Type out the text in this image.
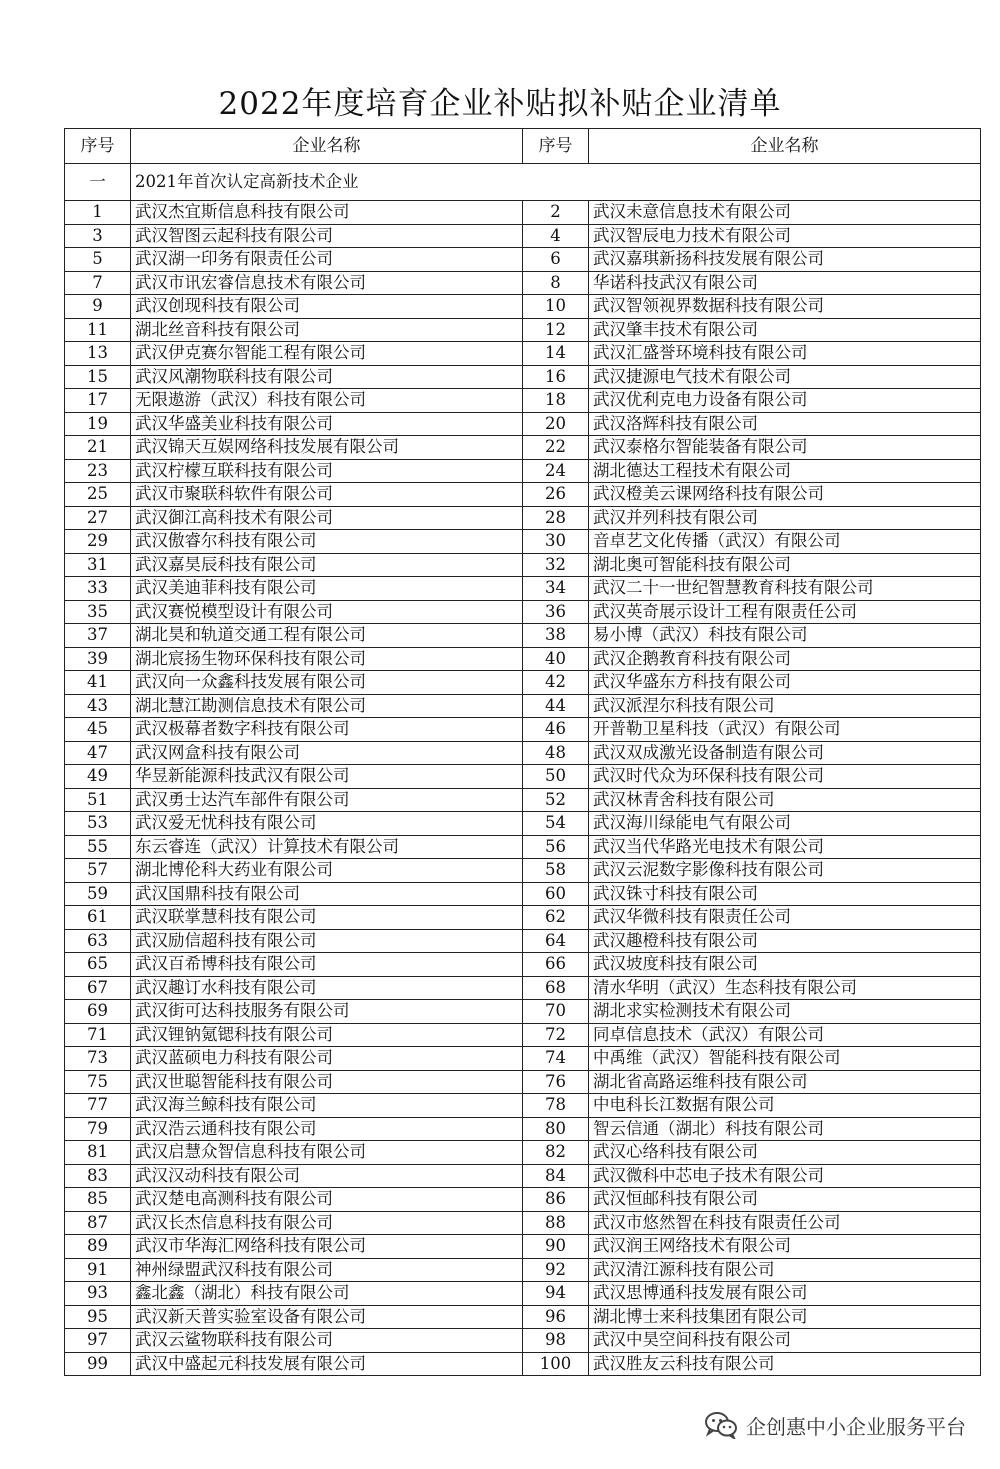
2022年度培育企业补贴拟补贴企业清单
序号	企业名称	序号	企业名称
一	2021年首次认定高新技术企业		
1	武汉杰宜斯信息科技有限公司	2	武汉未意信息技术有限公司
3	武汉智图云起科技有限公司	4	武汉智辰电力技术有限公司
5	武汉湖一印务有限责任公司	6	武汉嘉琪新扬科技发展有限公司
7	武汉市讯宏睿信息技术有限公司	8	华诺科技武汉有限公司
9	武汉创现科技有限公司	10	武汉智领视界数据科技有限公司
11	湖北丝音科技有限公司	12	武汉肇丰技术有限公司
13	武汉伊克赛尔智能工程有限公司	14	武汉汇盛誉环境科技有限公司
15	武汉风潮物联科技有限公司	16	武汉捷源电气技术有限公司
17	无限遨游（武汉）科技有限公司	18	武汉优利克电力设备有限公司
19	武汉华盛美业科技有限公司	20	武汉洛辉科技有限公司
21	武汉锦天互娱网络科技发展有限公司	22	武汉泰格尔智能装备有限公司
23	武汉柠檬互联科技有限公司	24	湖北德达工程技术有限公司
25	武汉市聚联科软件有限公司	26	武汉橙美云课网络科技有限公司
27	武汉御江高科技术有限公司	28	武汉并列科技有限公司
29	武汉傲睿尔科技有限公司	30	音卓艺文化传播（武汉）有限公司
31	武汉嘉昊辰科技有限公司	32	湖北奥可智能科技有限公司
33	武汉美迪菲科技有限公司	34	武汉二十一世纪智慧教育科技有限公司
35	武汉赛悦模型设计有限公司	36	武汉英奇展示设计工程有限责任公司
37	湖北昊和轨道交通工程有限公司	38	易小博（武汉）科技有限公司
39	湖北宸扬生物环保科技有限公司	40	武汉企鹅教育科技有限公司
41	武汉向一众鑫科技发展有限公司	42	武汉华盛东方科技有限公司
43	湖北慧江勘测信息技术有限公司	44	武汉派涅尔科技有限公司
45	武汉极幕者数字科技有限公司	46	开普勒卫星科技（武汉）有限公司
47	武汉网盒科技有限公司	48	武汉双成激光设备制造有限公司
49	华昱新能源科技武汉有限公司	50	武汉时代众为环保科技有限公司
51	武汉勇士达汽车部件有限公司	52	武汉林青舍科技有限公司
53	武汉爱无忧科技有限公司	54	武汉海川绿能电气有限公司
55	东云睿连（武汉）计算技术有限公司	56	武汉当代华路光电技术有限公司
57	湖北博伦科大药业有限公司	58	武汉云泥数字影像科技有限公司
59	武汉国鼎科技有限公司	60	武汉铢寸科技有限公司
61	武汉联掌慧科技有限公司	62	武汉华微科技有限责任公司
63	武汉励信超科技有限公司	64	武汉趣橙科技有限公司
65	武汉百希博科技有限公司	66	武汉坡度科技有限公司
67	武汉趣订水科技有限公司	68	清水华明（武汉）生态科技有限公司
69	武汉街可达科技服务有限公司	70	湖北求实检测技术有限公司
71	武汉锂钠氪锶科技有限公司	72	同卓信息技术（武汉）有限公司
73	武汉蓝硕电力科技有限公司	74	中禹维（武汉）智能科技有限公司
75	武汉世聪智能科技有限公司	76	湖北省高路运维科技有限公司
77	武汉海兰鲸科技有限公司	78	中电科长江数据有限公司
79	武汉浩云通科技有限公司	80	智云信通（湖北）科技有限公司
81	武汉启慧众智信息科技有限公司	82	武汉心络科技有限公司
83	武汉汉动科技有限公司	84	武汉微科中芯电子技术有限公司
85	武汉楚电高测科技有限公司	86	武汉恒邮科技有限公司
87	武汉长杰信息科技有限公司	88	武汉市悠然智在科技有限责任公司
89	武汉市华海汇网络科技有限公司	90	武汉润王网络技术有限公司
91	神州绿盟武汉科技有限公司	92	武汉清江源科技有限公司
93	鑫北鑫（湖北）科技有限公司	94	武汉思博通科技发展有限公司
95	武汉新天普实验室设备有限公司	96	湖北博士来科技集团有限公司
97	武汉云鲨物联科技有限公司	98	武汉中昊空间科技有限公司
99	武汉中盛起元科技发展有限公司	100	武汉胜友云科技有限公司
企创惠中小企业服务平台
